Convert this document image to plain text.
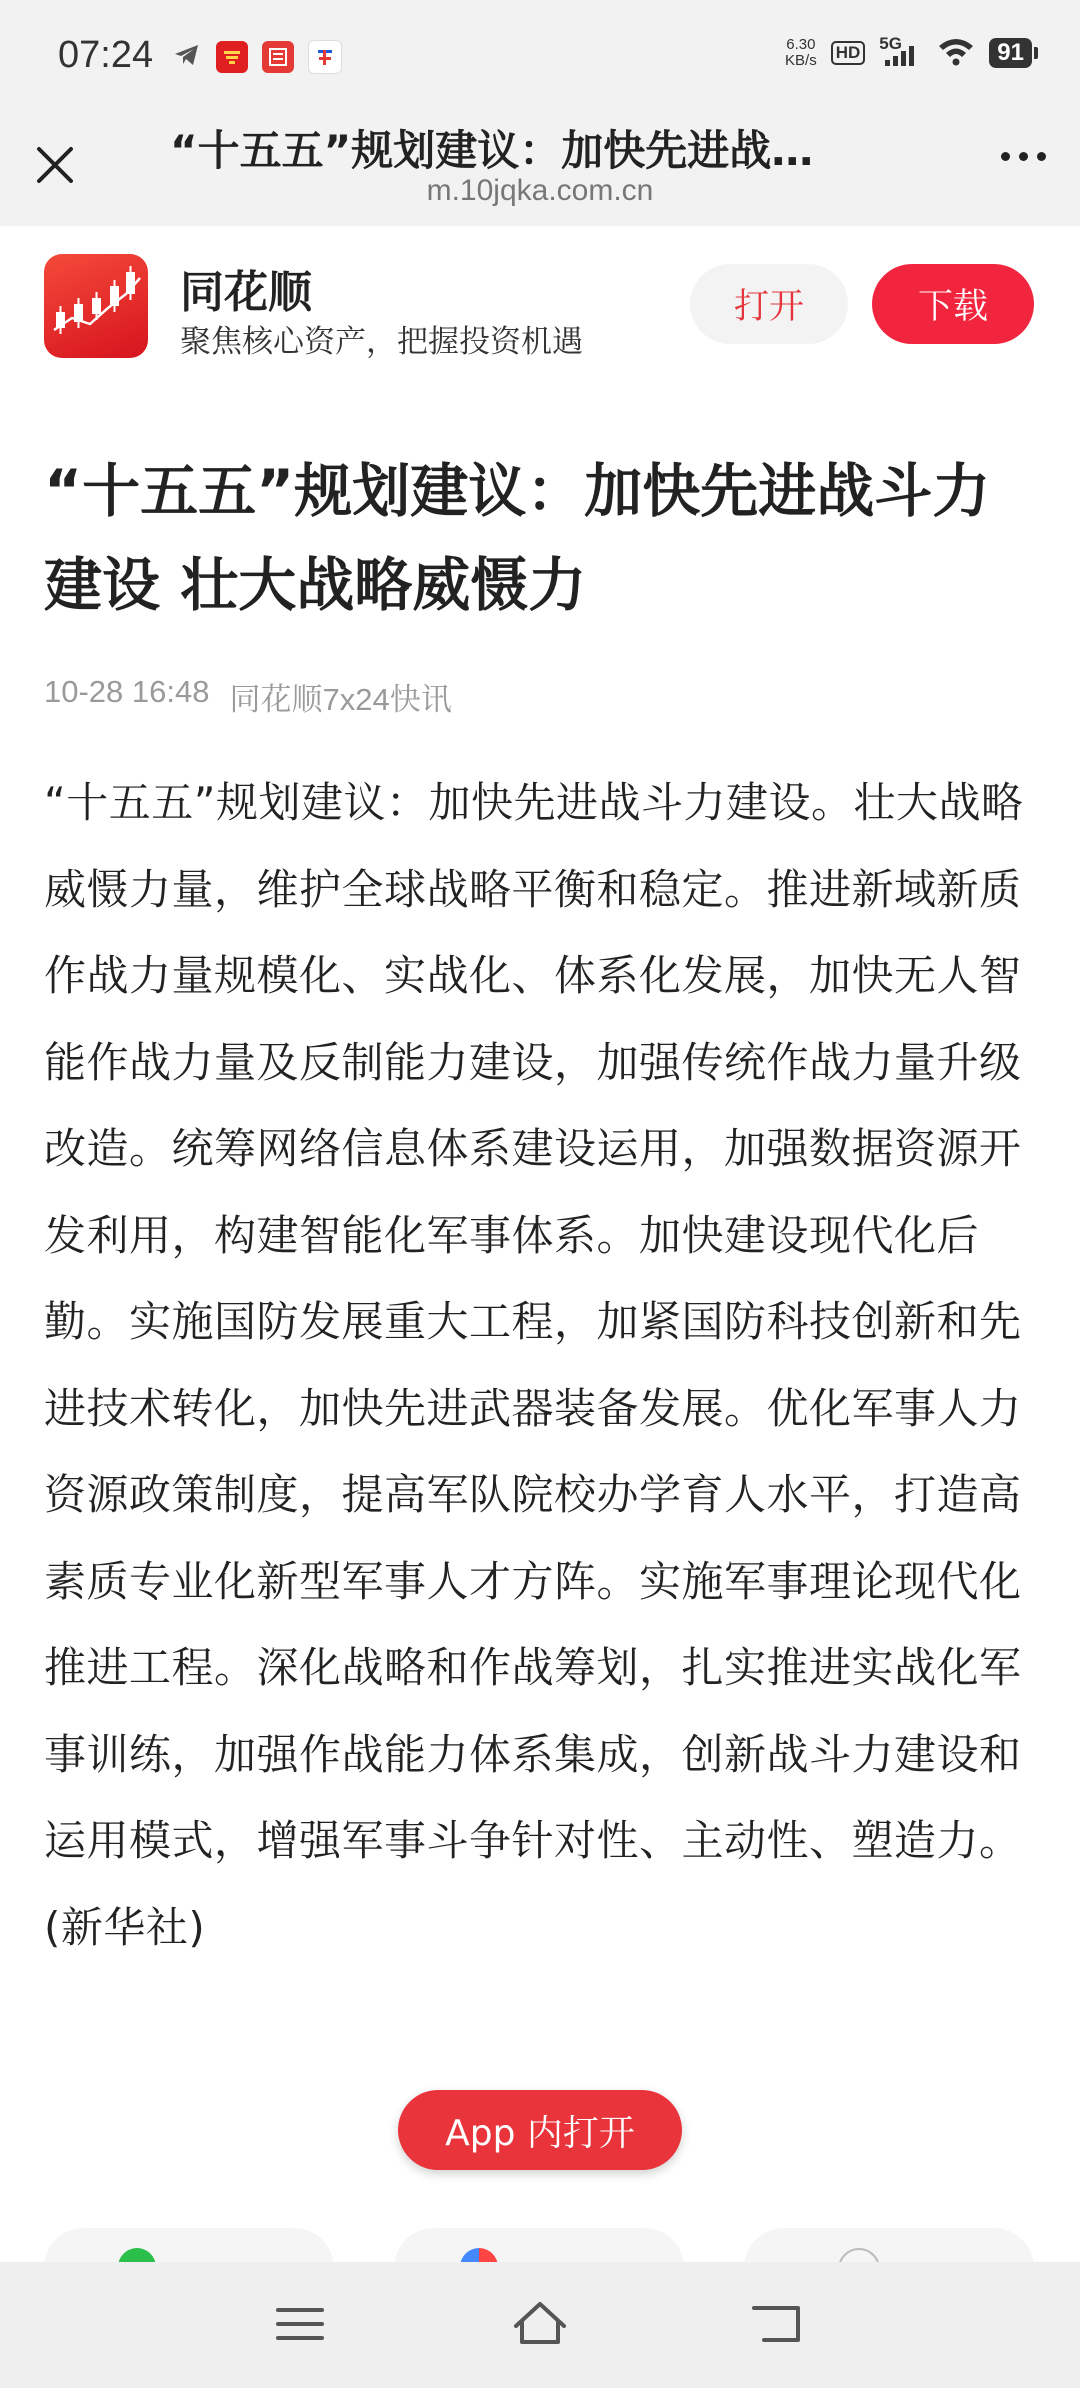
07:24	6.30
KB/s HD 5G	91
“十五五”规划建议：加快先进战…
m.10jqka.com.cn
同花顺
聚焦核心资产，把握投资机遇
打开	下载
“十五五”规划建议：加快先进战斗力建设 壮大战略威慑力
10-28 16:48 同花顺7x24快讯

“十五五”规划建议：加快先进战斗力建设。壮大战略威慑力量，维护全球战略平衡和稳定。推进新域新质作战力量规模化、实战化、体系化发展，加快无人智能作战力量及反制能力建设，加强传统作战力量升级改造。统筹网络信息体系建设运用，加强数据资源开发利用，构建智能化军事体系。加快建设现代化后勤。实施国防发展重大工程，加紧国防科技创新和先进技术转化，加快先进武器装备发展。优化军事人力资源政策制度，提高军队院校办学育人水平，打造高素质专业化新型军事人才方阵。实施军事理论现代化推进工程。深化战略和作战筹划，扎实推进实战化军事训练，加强作战能力体系集成，创新战斗力建设和运用模式，增强军事斗争针对性、主动性、塑造力。(新华社)

App 内打开
